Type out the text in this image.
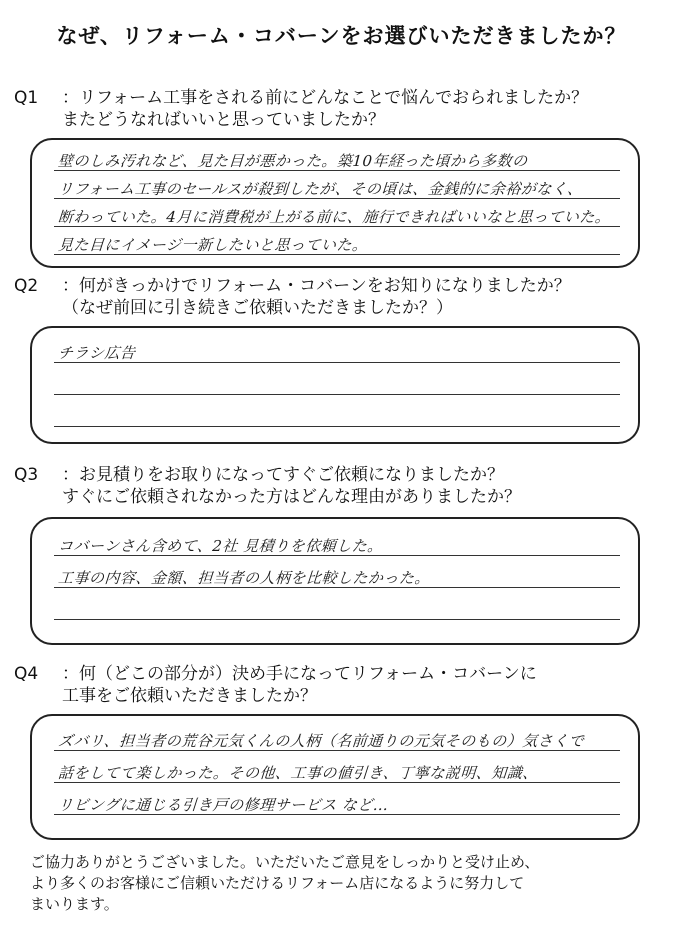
なぜ、リフォーム・コバーンをお選びいただきましたか？
Q1	：リフォーム工事をされる前にどんなことで悩んでおられましたか？
またどうなればいいと思っていましたか？
壁のしみ汚れなど、見た目が悪かった。築10年経った頃から多数の
リフォーム工事のセールスが殺到したが、その頃は、金銭的に余裕がなく、
断わっていた。4月に消費税が上がる前に、施行できればいいなと思っていた。
見た目にイメージ一新したいと思っていた。
Q2	：何がきっかけでリフォーム・コバーンをお知りになりましたか？
（なぜ前回に引き続きご依頼いただきましたか？）
チラシ広告
Q3	：お見積りをお取りになってすぐご依頼になりましたか？
すぐにご依頼されなかった方はどんな理由がありましたか？
コバーンさん含めて、2社 見積りを依頼した。
工事の内容、金額、担当者の人柄を比較したかった。
Q4	：何（どこの部分が）決め手になってリフォーム・コバーンに
工事をご依頼いただきましたか？
ズバリ、担当者の荒谷元気くんの人柄（名前通りの元気そのもの）気さくで
話をしてて楽しかった。その他、工事の値引き、丁寧な説明、知識、
リビングに通じる引き戸の修理サービス など…
ご協力ありがとうございました。いただいたご意見をしっかりと受け止め、
より多くのお客様にご信頼いただけるリフォーム店になるように努力して
まいります。
